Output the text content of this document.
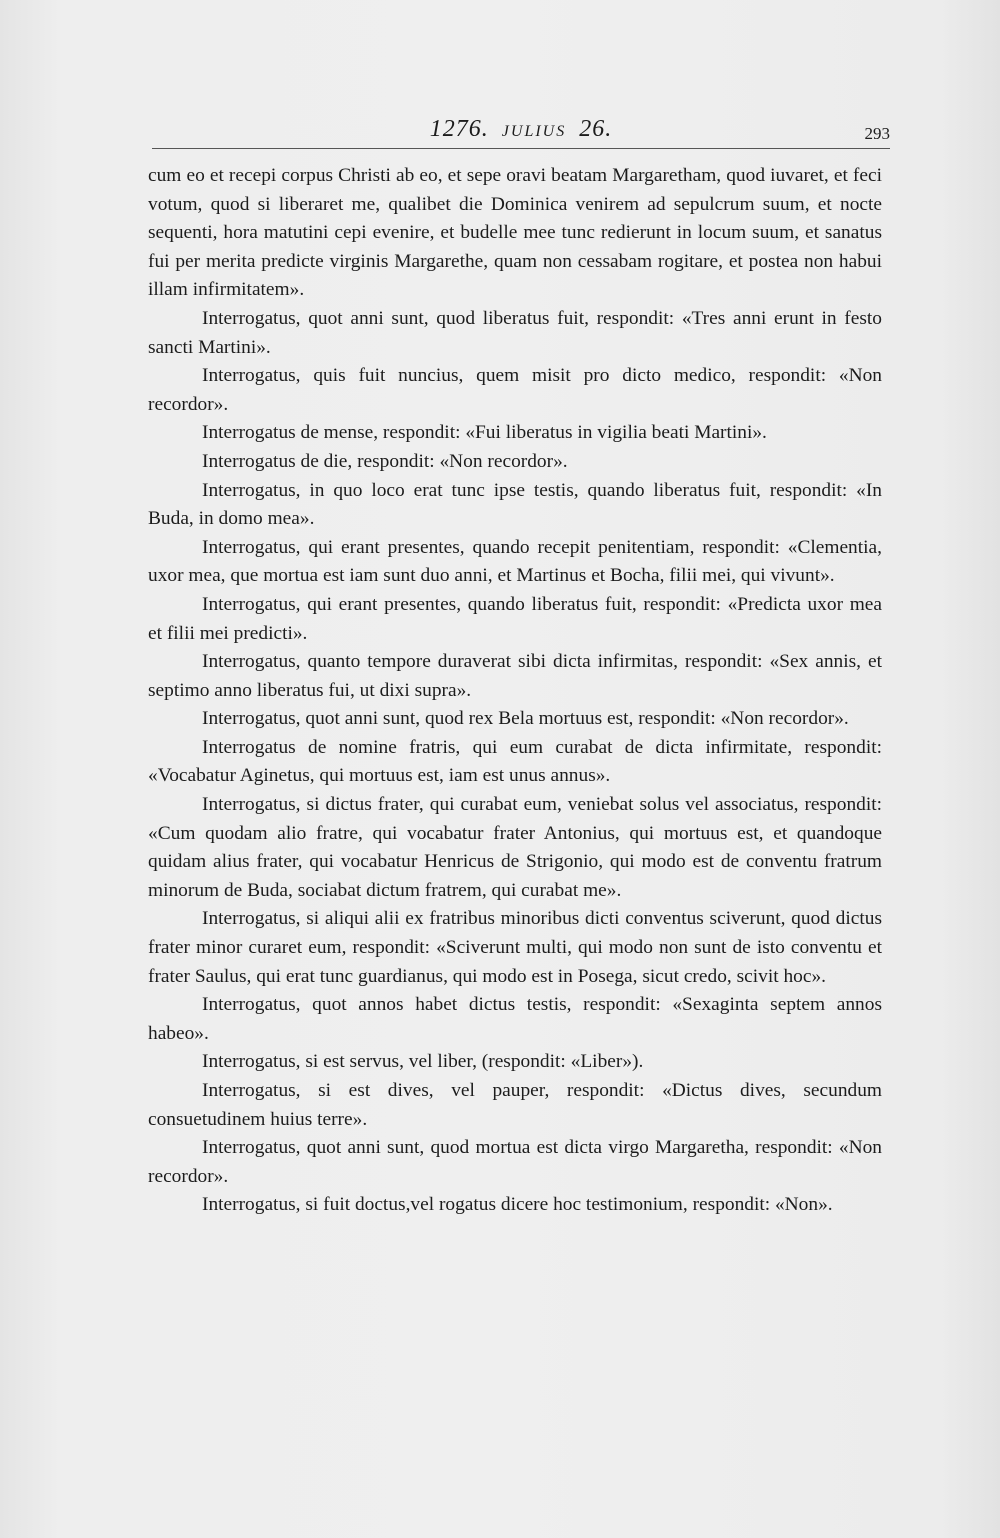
1276. JULIUS 26.	293

cum eo et recepi corpus Christi ab eo, et sepe oravi beatam Margaretham, quod iuvaret, et feci votum, quod si liberaret me, qualibet die Dominica venirem ad sepulcrum suum, et nocte sequenti, hora matutini cepi evenire, et budelle mee tunc redierunt in locum suum, et sanatus fui per merita predicte virginis Margarethe, quam non cessabam rogitare, et postea non habui illam infirmitatem».

Interrogatus, quot anni sunt, quod liberatus fuit, respondit: «Tres anni erunt in festo sancti Martini».

Interrogatus, quis fuit nuncius, quem misit pro dicto medico, respondit: «Non recordor».

Interrogatus de mense, respondit: «Fui liberatus in vigilia beati Martini».

Interrogatus de die, respondit: «Non recordor».

Interrogatus, in quo loco erat tunc ipse testis, quando liberatus fuit, respondit: «In Buda, in domo mea».

Interrogatus, qui erant presentes, quando recepit penitentiam, respondit: «Clementia, uxor mea, que mortua est iam sunt duo anni, et Martinus et Bocha, filii mei, qui vivunt».

Interrogatus, qui erant presentes, quando liberatus fuit, respondit: «Predicta uxor mea et filii mei predicti».

Interrogatus, quanto tempore duraverat sibi dicta infirmitas, respondit: «Sex annis, et septimo anno liberatus fui, ut dixi supra».

Interrogatus, quot anni sunt, quod rex Bela mortuus est, respondit: «Non recordor».

Interrogatus de nomine fratris, qui eum curabat de dicta infirmitate, respondit: «Vocabatur Aginetus, qui mortuus est, iam est unus annus».

Interrogatus, si dictus frater, qui curabat eum, veniebat solus vel associatus, respondit: «Cum quodam alio fratre, qui vocabatur frater Antonius, qui mortuus est, et quandoque quidam alius frater, qui vocabatur Henricus de Strigonio, qui modo est de conventu fratrum minorum de Buda, sociabat dictum fratrem, qui curabat me».

Interrogatus, si aliqui alii ex fratribus minoribus dicti conventus sciverunt, quod dictus frater minor curaret eum, respondit: «Sciverunt multi, qui modo non sunt de isto conventu et frater Saulus, qui erat tunc guardianus, qui modo est in Posega, sicut credo, scivit hoc».

Interrogatus, quot annos habet dictus testis, respondit: «Sexaginta septem annos habeo».

Interrogatus, si est servus, vel liber, (respondit: «Liber»).

Interrogatus, si est dives, vel pauper, respondit: «Dictus dives, secundum consuetudinem huius terre».

Interrogatus, quot anni sunt, quod mortua est dicta virgo Margaretha, respondit: «Non recordor».

Interrogatus, si fuit doctus,vel rogatus dicere hoc testimonium, respondit: «Non».
